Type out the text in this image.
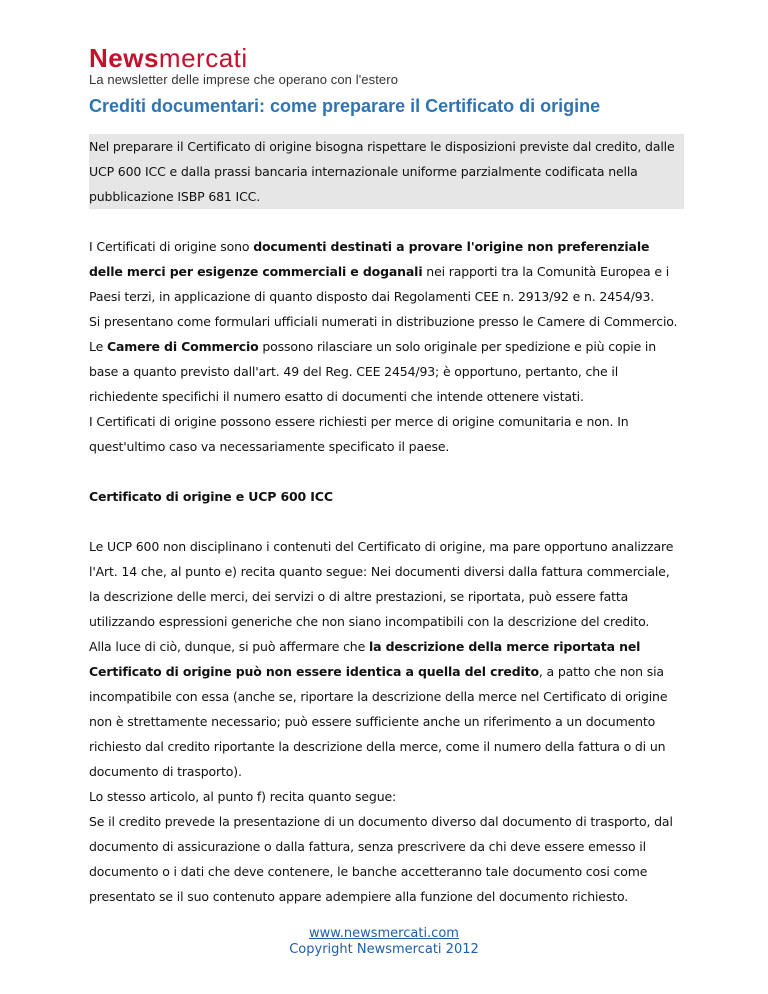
Newsmercati
La newsletter delle imprese che operano con l'estero
Crediti documentari: come preparare il Certificato di origine

Nel preparare il Certificato di origine bisogna rispettare le disposizioni previste dal credito, dalle UCP 600 ICC e dalla prassi bancaria internazionale uniforme parzialmente codificata nella pubblicazione ISBP 681 ICC.

I Certificati di origine sono documenti destinati a provare l'origine non preferenziale delle merci per esigenze commerciali e doganali nei rapporti tra la Comunità Europea e i Paesi terzi, in applicazione di quanto disposto dai Regolamenti CEE n. 2913/92 e n. 2454/93.

Si presentano come formulari ufficiali numerati in distribuzione presso le Camere di Commercio.

Le Camere di Commercio possono rilasciare un solo originale per spedizione e più copie in base a quanto previsto dall'art. 49 del Reg. CEE 2454/93; è opportuno, pertanto, che il richiedente specifichi il numero esatto di documenti che intende ottenere vistati.

I Certificati di origine possono essere richiesti per merce di origine comunitaria e non. In quest'ultimo caso va necessariamente specificato il paese.

Certificato di origine e UCP 600 ICC

Le UCP 600 non disciplinano i contenuti del Certificato di origine, ma pare opportuno analizzare l'Art. 14 che, al punto e) recita quanto segue: Nei documenti diversi dalla fattura commerciale, la descrizione delle merci, dei servizi o di altre prestazioni, se riportata, può essere fatta utilizzando espressioni generiche che non siano incompatibili con la descrizione del credito.

Alla luce di ciò, dunque, si può affermare che la descrizione della merce riportata nel Certificato di origine può non essere identica a quella del credito, a patto che non sia incompatibile con essa (anche se, riportare la descrizione della merce nel Certificato di origine non è strettamente necessario; può essere sufficiente anche un riferimento a un documento richiesto dal credito riportante la descrizione della merce, come il numero della fattura o di un documento di trasporto).

Lo stesso articolo, al punto f) recita quanto segue:

Se il credito prevede la presentazione di un documento diverso dal documento di trasporto, dal documento di assicurazione o dalla fattura, senza prescrivere da chi deve essere emesso il documento o i dati che deve contenere, le banche accetteranno tale documento cosi come presentato se il suo contenuto appare adempiere alla funzione del documento richiesto.

www.newsmercati.com
Copyright Newsmercati 2012
